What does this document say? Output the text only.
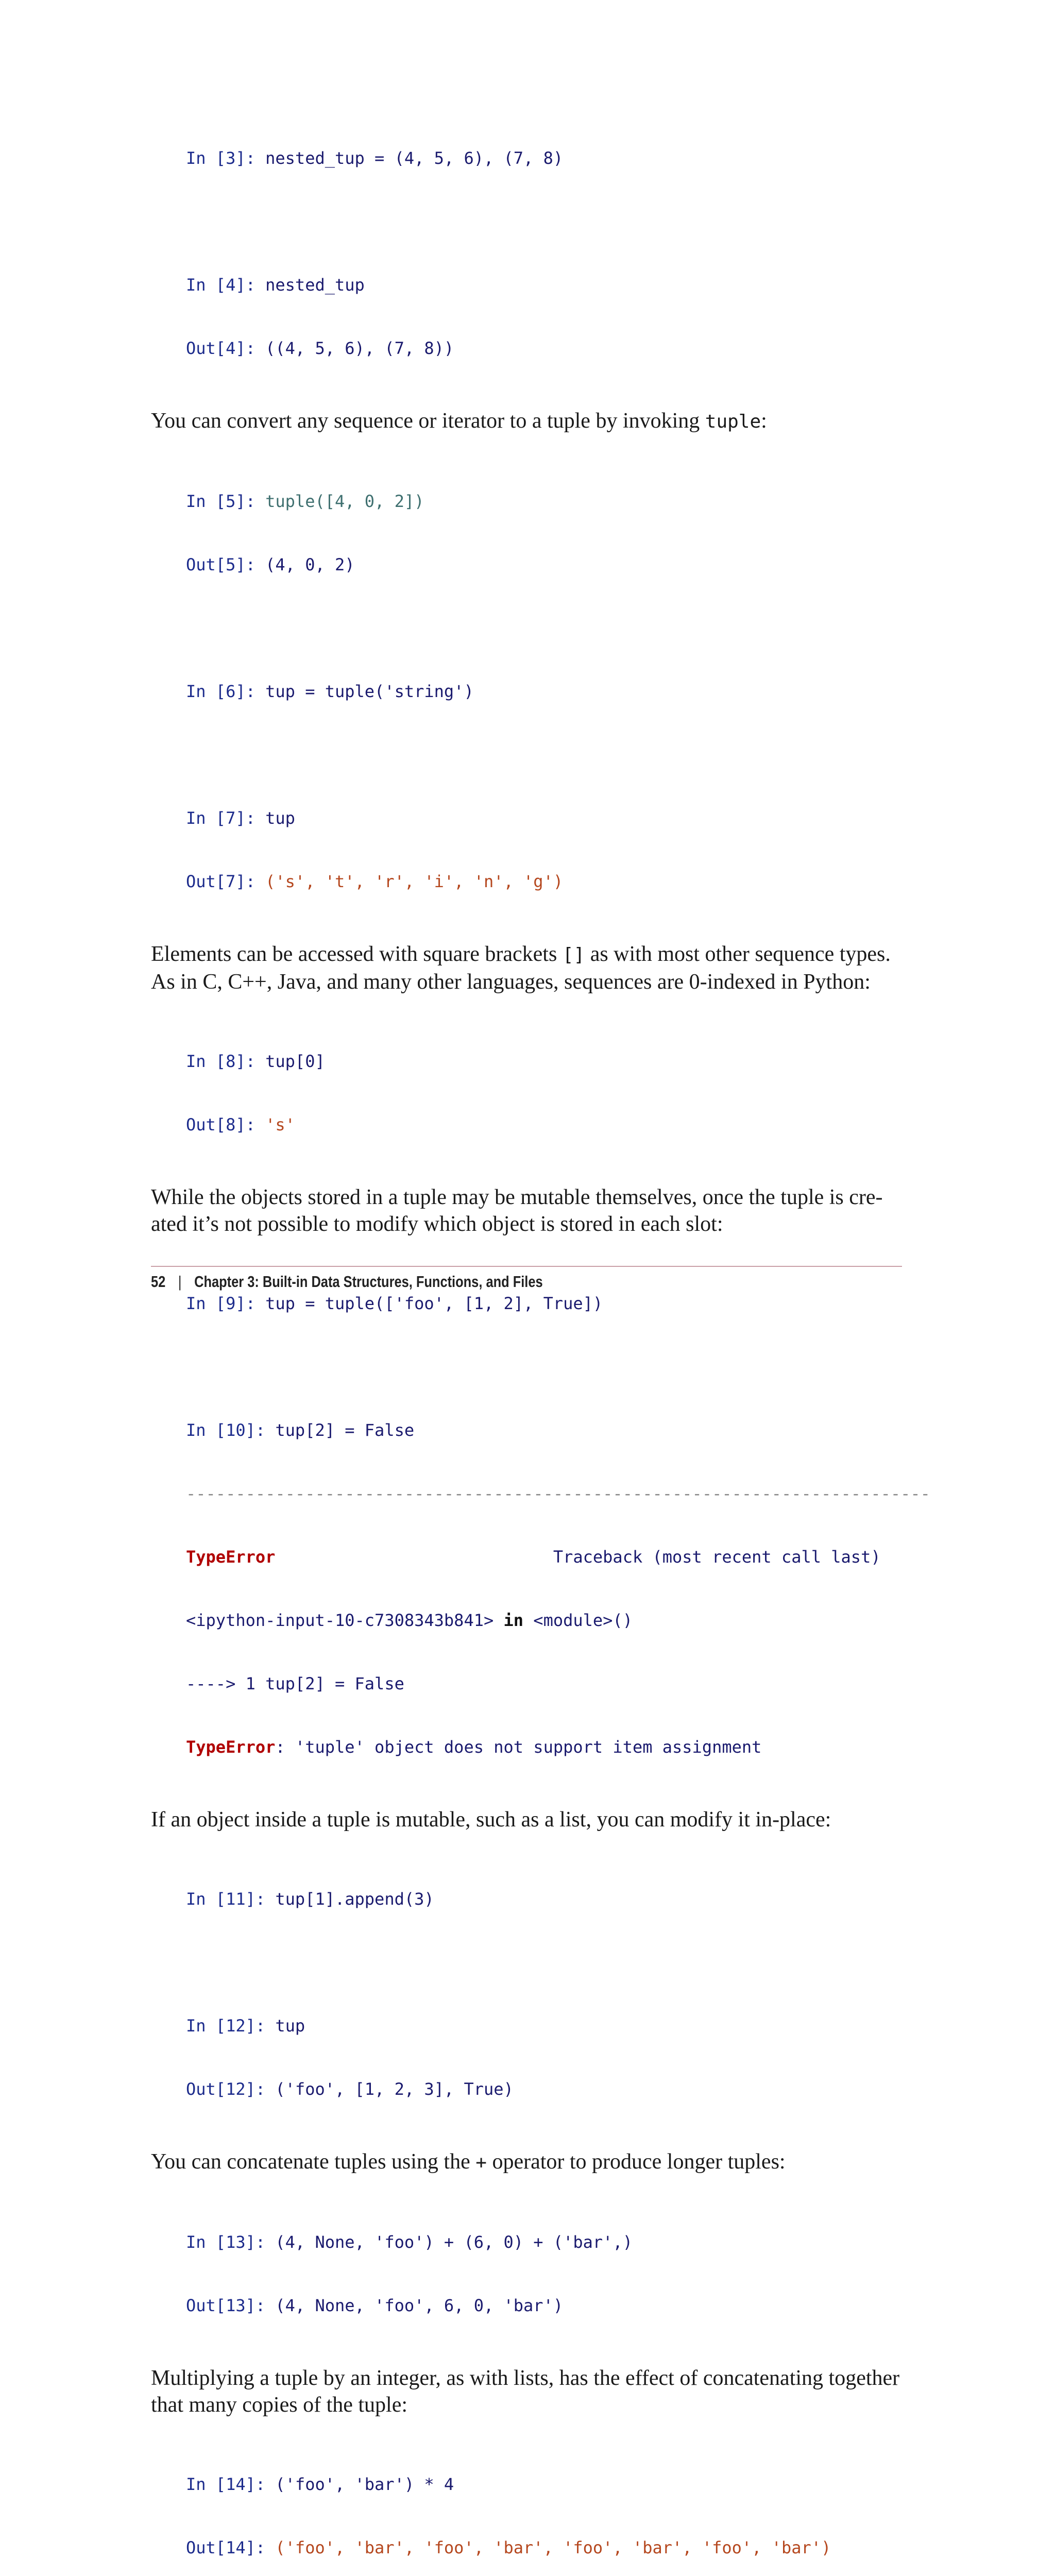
In [3]: nested_tup = (4, 5, 6), (7, 8)

In [4]: nested_tup

Out[4]: ((4, 5, 6), (7, 8))

You can convert any sequence or iterator to a tuple by invoking tuple:

In [5]: tuple([4, 0, 2])

Out[5]: (4, 0, 2)

In [6]: tup = tuple('string')

In [7]: tup

Out[7]: ('s', 't', 'r', 'i', 'n', 'g')

Elements can be accessed with square brackets [] as with most other sequence types. As in C, C++, Java, and many other languages, sequences are 0-indexed in Python:

In [8]: tup[0]

Out[8]: 's'

While the objects stored in a tuple may be mutable themselves, once the tuple is cre-ated it’s not possible to modify which object is stored in each slot:

In [9]: tup = tuple(['foo', [1, 2], True])

In [10]: tup[2] = False

---------------------------------------------------------------------------

TypeError	Traceback (most recent call last)

<ipython-input-10-c7308343b841> in <module>()

----> 1 tup[2] = False

TypeError: 'tuple' object does not support item assignment

If an object inside a tuple is mutable, such as a list, you can modify it in-place:

In [11]: tup[1].append(3)

In [12]: tup

Out[12]: ('foo', [1, 2, 3], True)

You can concatenate tuples using the + operator to produce longer tuples:

In [13]: (4, None, 'foo') + (6, 0) + ('bar',)

Out[13]: (4, None, 'foo', 6, 0, 'bar')

Multiplying a tuple by an integer, as with lists, has the effect of concatenating together that many copies of the tuple:

In [14]: ('foo', 'bar') * 4

Out[14]: ('foo', 'bar', 'foo', 'bar', 'foo', 'bar', 'foo', 'bar')

52 | Chapter 3: Built-in Data Structures, Functions, and Files
